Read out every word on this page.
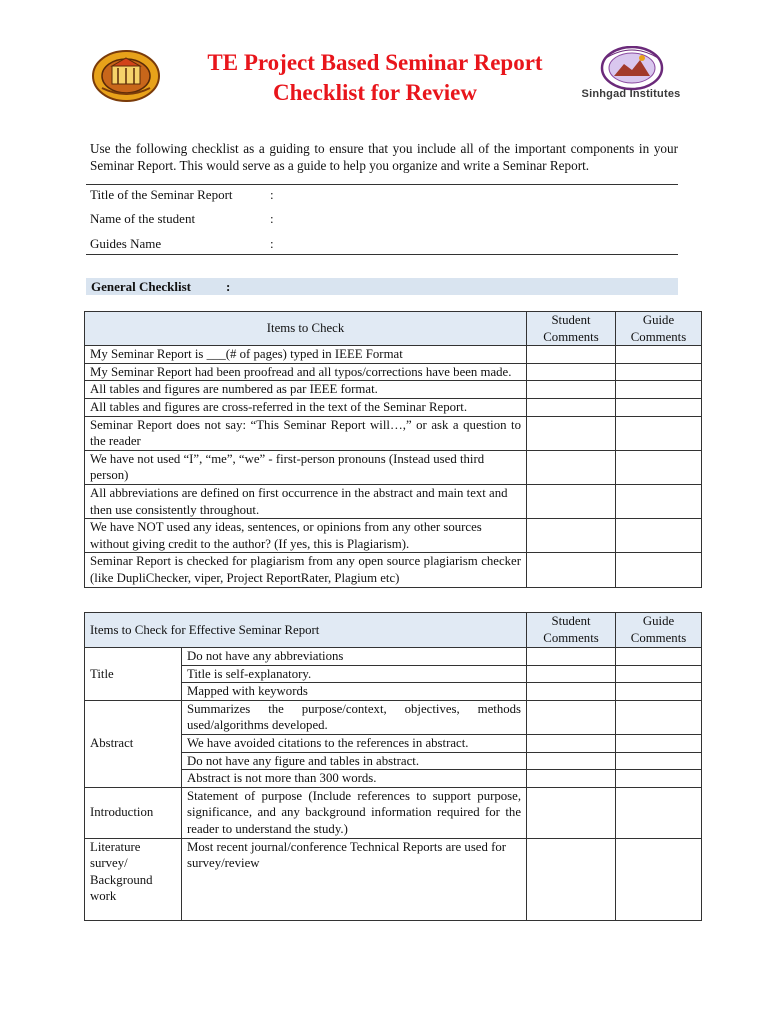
Sinhgad Institutes
TE Project Based Seminar Report
Checklist for Review
Use the following checklist as a guiding to ensure that you include all of the important components in your Seminar Report. This would serve as a guide to help you organize and write a Seminar Report.
Title of the Seminar Report	:
Name of the student	:
Guides Name	:
General Checklist	:
Items to Check	Student Comments	Guide Comments
My Seminar Report is ___(# of pages) typed in IEEE Format		
My Seminar Report had been proofread and all typos/corrections have been made.		
All tables and figures are numbered as par IEEE format.		
All tables and figures are cross-referred in the text of the Seminar Report.		
Seminar Report does not say: “This Seminar Report will…,” or ask a question to the reader		
We have not used “I”, “me”, “we” - first-person pronouns (Instead used third person)		
All abbreviations are defined on first occurrence in the abstract and main text and then use consistently throughout.		
We have NOT used any ideas, sentences, or opinions from any other sources without giving credit to the author? (If yes, this is Plagiarism).		
Seminar Report is checked for plagiarism from any open source plagiarism checker (like DupliChecker, viper, Project ReportRater, Plagium etc)		
Items to Check for Effective Seminar Report		Student Comments	Guide Comments
Title	Do not have any abbreviations		
	Title is self-explanatory.		
	Mapped with keywords		
Abstract	Summarizes the purpose/context, objectives, methods used/algorithms developed.		
	We have avoided citations to the references in abstract.		
	Do not have any figure and tables in abstract.		
	Abstract is not more than 300 words.		
Introduction	Statement of purpose (Include references to support purpose, significance, and any background information required for the reader to understand the study.)		
Literature survey/ Background work	Most recent journal/conference Technical Reports are used for survey/review		
